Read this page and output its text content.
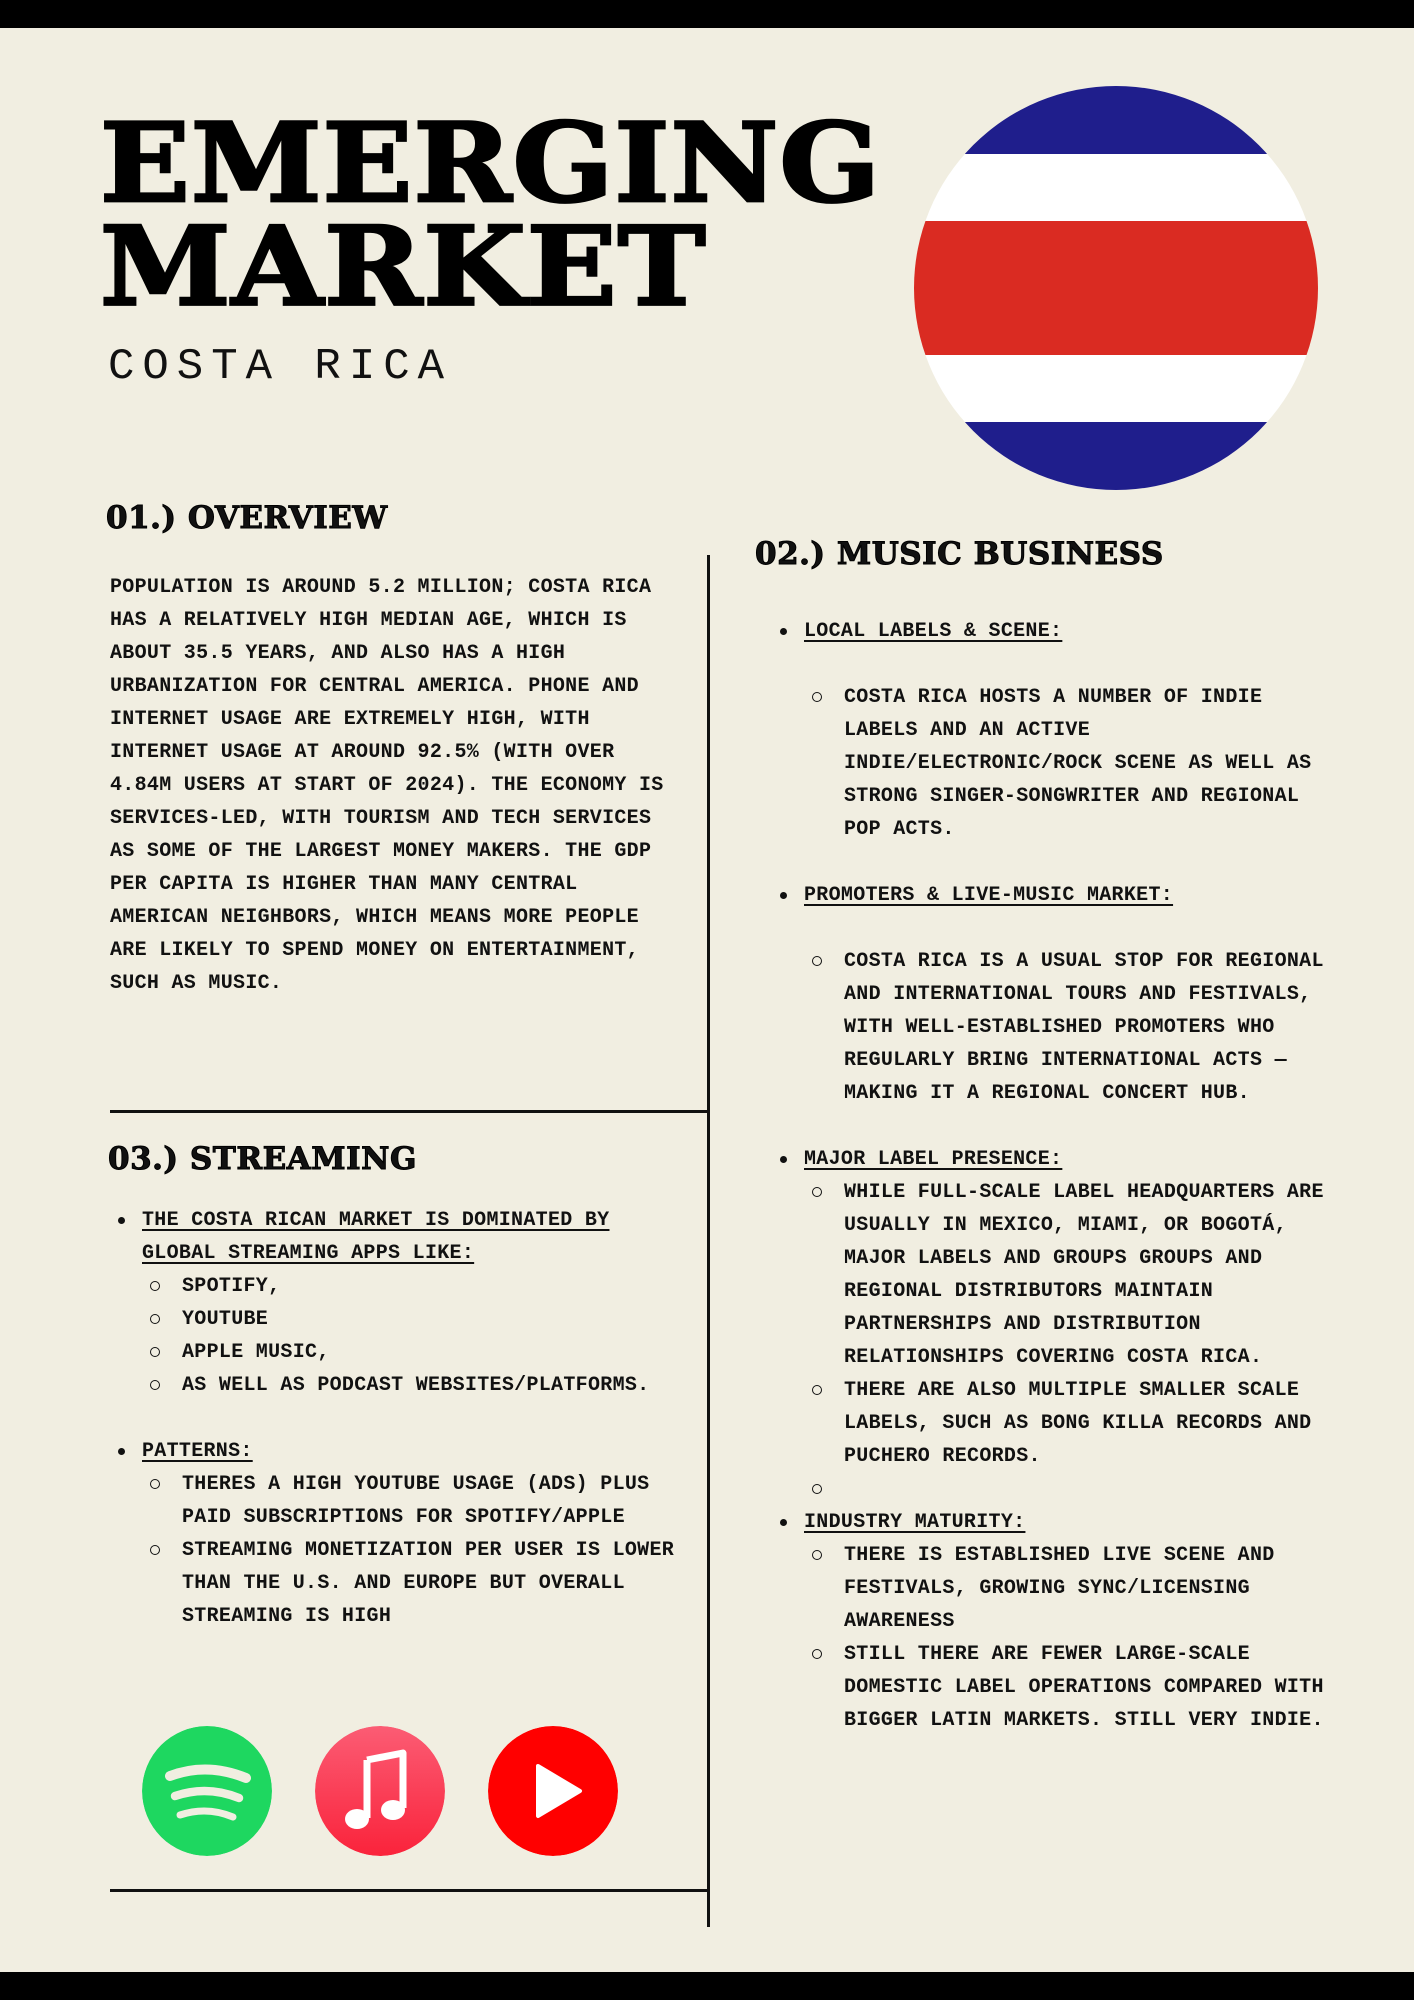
EMERGING
MARKET
COSTA RICA
01.) OVERVIEW

POPULATION IS AROUND 5.2 MILLION; COSTA RICA HAS A RELATIVELY HIGH MEDIAN AGE, WHICH IS ABOUT 35.5 YEARS, AND ALSO HAS A HIGH URBANIZATION FOR CENTRAL AMERICA. PHONE AND INTERNET USAGE ARE EXTREMELY HIGH, WITH INTERNET USAGE AT AROUND 92.5% (WITH OVER 4.84M USERS AT START OF 2024). THE ECONOMY IS SERVICES-LED, WITH TOURISM AND TECH SERVICES AS SOME OF THE LARGEST MONEY MAKERS. THE GDP PER CAPITA IS HIGHER THAN MANY CENTRAL AMERICAN NEIGHBORS, WHICH MEANS MORE PEOPLE ARE LIKELY TO SPEND MONEY ON ENTERTAINMENT, SUCH AS MUSIC.

02.) MUSIC BUSINESS
LOCAL LABELS & SCENE:
COSTA RICA HOSTS A NUMBER OF INDIE LABELS AND AN ACTIVE INDIE/ELECTRONIC/ROCK SCENE AS WELL AS STRONG SINGER-SONGWRITER AND REGIONAL POP ACTS.
PROMOTERS & LIVE-MUSIC MARKET:
COSTA RICA IS A USUAL STOP FOR REGIONAL AND INTERNATIONAL TOURS AND FESTIVALS, WITH WELL-ESTABLISHED PROMOTERS WHO REGULARLY BRING INTERNATIONAL ACTS — MAKING IT A REGIONAL CONCERT HUB.
MAJOR LABEL PRESENCE:
WHILE FULL-SCALE LABEL HEADQUARTERS ARE USUALLY IN MEXICO, MIAMI, OR BOGOTÁ, MAJOR LABELS AND GROUPS GROUPS AND REGIONAL DISTRIBUTORS MAINTAIN PARTNERSHIPS AND DISTRIBUTION RELATIONSHIPS COVERING COSTA RICA.
THERE ARE ALSO MULTIPLE SMALLER SCALE LABELS, SUCH AS BONG KILLA RECORDS AND PUCHERO RECORDS.
INDUSTRY MATURITY:
THERE IS ESTABLISHED LIVE SCENE AND FESTIVALS, GROWING SYNC/LICENSING AWARENESS
STILL THERE ARE FEWER LARGE-SCALE DOMESTIC LABEL OPERATIONS COMPARED WITH BIGGER LATIN MARKETS. STILL VERY INDIE.
03.) STREAMING
THE COSTA RICAN MARKET IS DOMINATED BY GLOBAL STREAMING APPS LIKE:
SPOTIFY,
YOUTUBE
APPLE MUSIC,
AS WELL AS PODCAST WEBSITES/PLATFORMS.
PATTERNS:
THERES A HIGH YOUTUBE USAGE (ADS) PLUS PAID SUBSCRIPTIONS FOR SPOTIFY/APPLE
STREAMING MONETIZATION PER USER IS LOWER THAN THE U.S. AND EUROPE BUT OVERALL STREAMING IS HIGH
